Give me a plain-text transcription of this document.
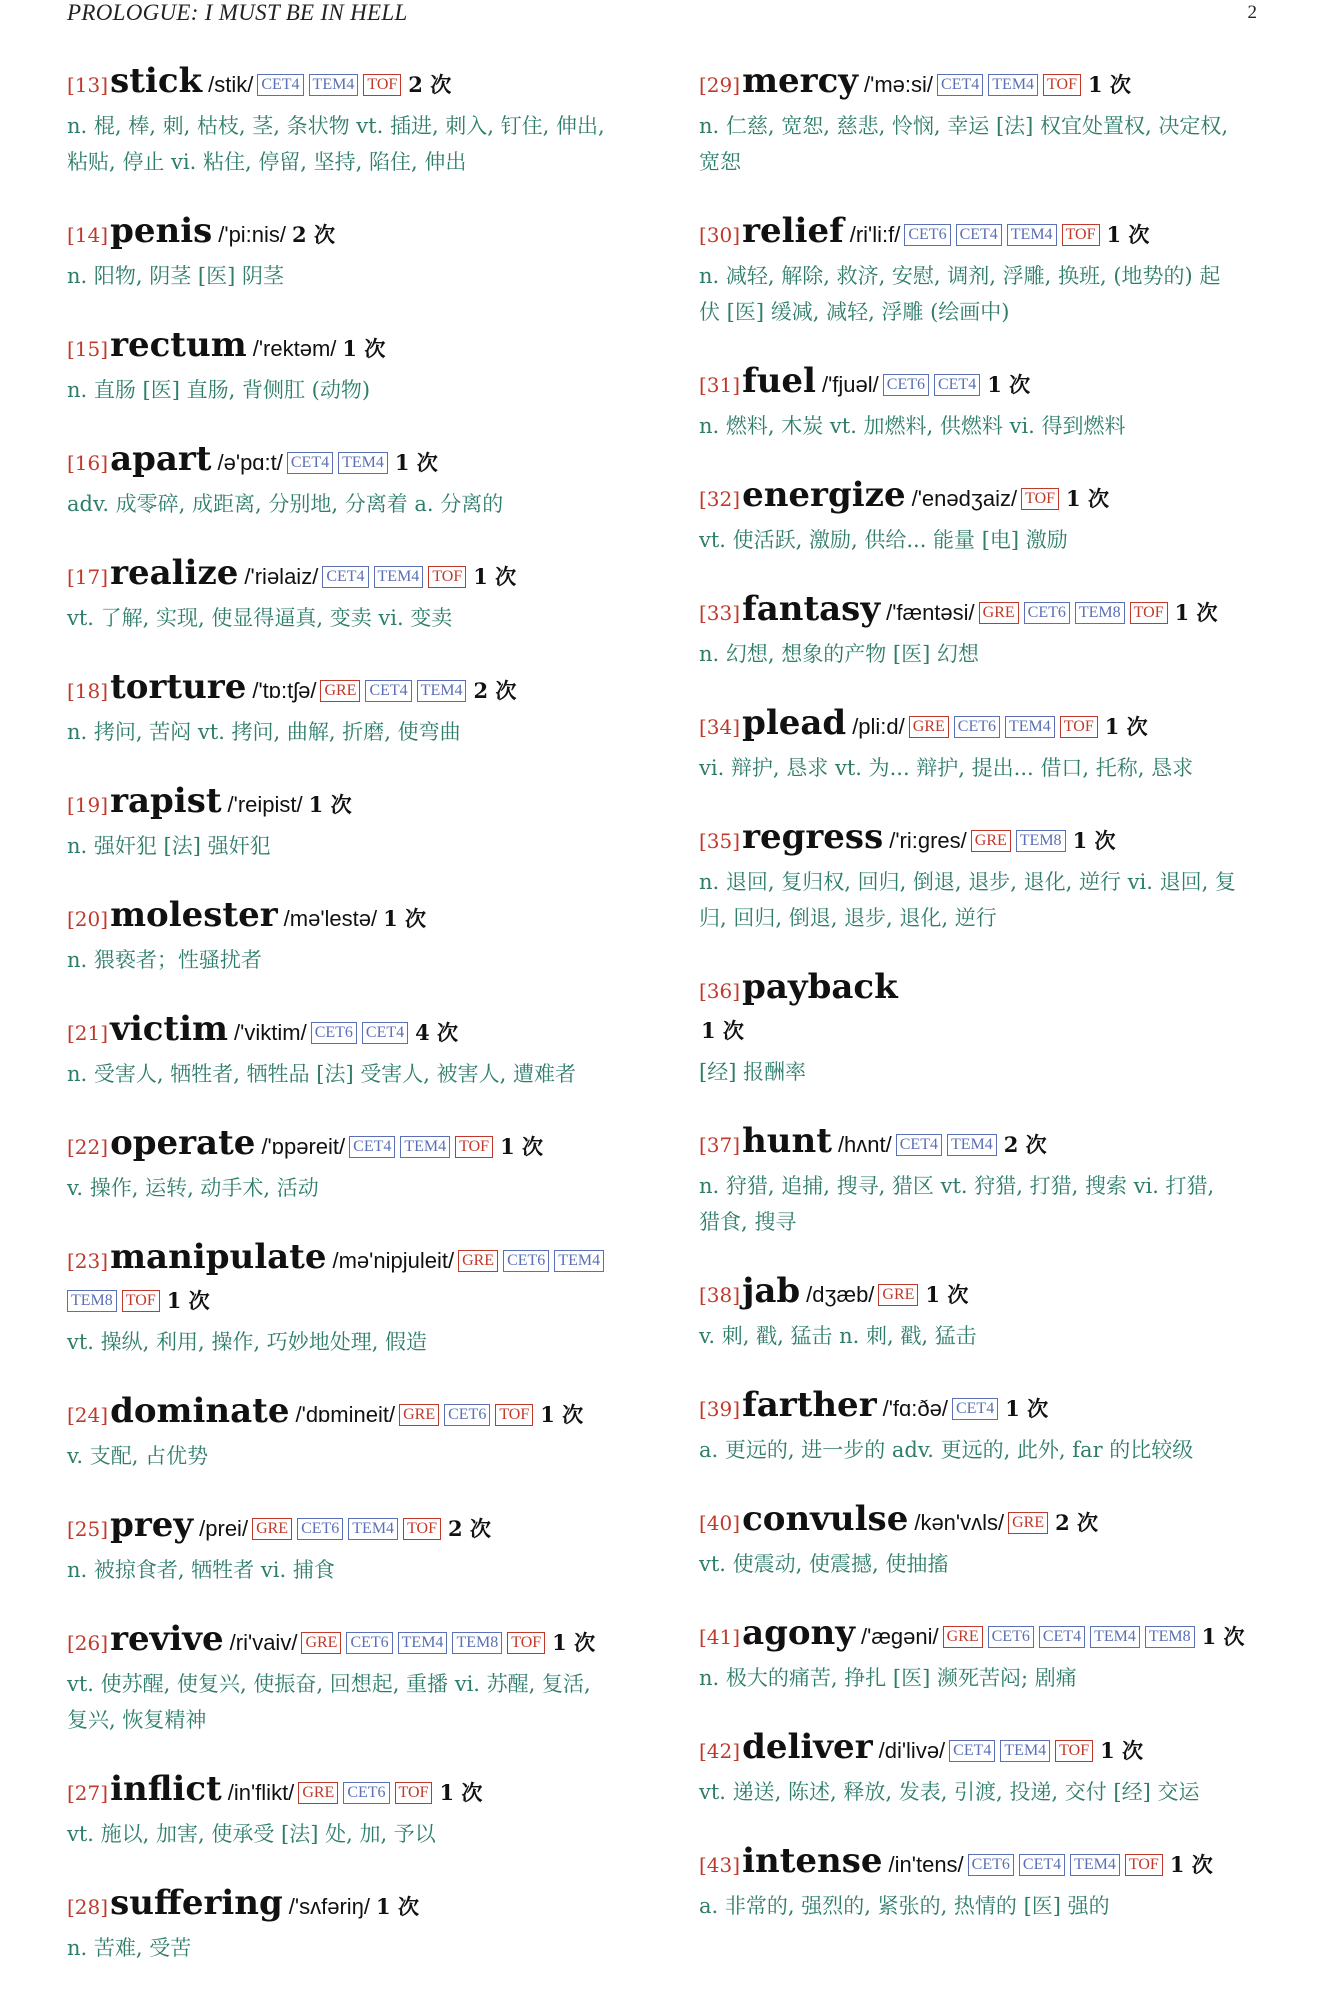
PROLOGUE: I MUST BE IN HELL	2
[13]stick /stik/ CET4 TEM4 TOF 2 次
n. 棍, 棒, 刺, 枯枝, 茎, 条状物 vt. 插进, 刺入, 钉住, 伸出,
粘贴, 停止 vi. 粘住, 停留, 坚持, 陷住, 伸出
[14]penis /'pi:nis/ 2 次
n. 阳物, 阴茎 [医] 阴茎
[15]rectum /'rektəm/ 1 次
n. 直肠 [医] 直肠, 背侧肛 (动物)
[16]apart /ə'pɑ:t/ CET4 TEM4 1 次
adv. 成零碎, 成距离, 分别地, 分离着 a. 分离的
[17]realize /'riəlaiz/ CET4 TEM4 TOF 1 次
vt. 了解, 实现, 使显得逼真, 变卖 vi. 变卖
[18]torture /'tɒ:tʃə/ GRE CET4 TEM4 2 次
n. 拷问, 苦闷 vt. 拷问, 曲解, 折磨, 使弯曲
[19]rapist /'reipist/ 1 次
n. 强奸犯 [法] 强奸犯
[20]molester /mə'lestə/ 1 次
n. 猥亵者；性骚扰者
[21]victim /'viktim/ CET6 CET4 4 次
n. 受害人, 牺牲者, 牺牲品 [法] 受害人, 被害人, 遭难者
[22]operate /'ɒpəreit/ CET4 TEM4 TOF 1 次
v. 操作, 运转, 动手术, 活动
[23]manipulate /mə'nipjuleit/ GRE CET6 TEM4
TEM8 TOF 1 次
vt. 操纵, 利用, 操作, 巧妙地处理, 假造
[24]dominate /'dɒmineit/ GRE CET6 TOF 1 次
v. 支配, 占优势
[25]prey /prei/ GRE CET6 TEM4 TOF 2 次
n. 被掠食者, 牺牲者 vi. 捕食
[26]revive /ri'vaiv/ GRE CET6 TEM4 TEM8 TOF 1 次
vt. 使苏醒, 使复兴, 使振奋, 回想起, 重播 vi. 苏醒, 复活,
复兴, 恢复精神
[27]inflict /in'flikt/ GRE CET6 TOF 1 次
vt. 施以, 加害, 使承受 [法] 处, 加, 予以
[28]suffering /'sʌfəriŋ/ 1 次
n. 苦难, 受苦
[29]mercy /'mə:si/ CET4 TEM4 TOF 1 次
n. 仁慈, 宽恕, 慈悲, 怜悯, 幸运 [法] 权宜处置权, 决定权,
宽恕
[30]relief /ri'li:f/ CET6 CET4 TEM4 TOF 1 次
n. 减轻, 解除, 救济, 安慰, 调剂, 浮雕, 换班, (地势的) 起
伏 [医] 缓减, 减轻, 浮雕 (绘画中)
[31]fuel /'fjuəl/ CET6 CET4 1 次
n. 燃料, 木炭 vt. 加燃料, 供燃料 vi. 得到燃料
[32]energize /'enədʒaiz/ TOF 1 次
vt. 使活跃, 激励, 供给... 能量 [电] 激励
[33]fantasy /'fæntəsi/ GRE CET6 TEM8 TOF 1 次
n. 幻想, 想象的产物 [医] 幻想
[34]plead /pli:d/ GRE CET6 TEM4 TOF 1 次
vi. 辩护, 恳求 vt. 为... 辩护, 提出... 借口, 托称, 恳求
[35]regress /'ri:gres/ GRE TEM8 1 次
n. 退回, 复归权, 回归, 倒退, 退步, 退化, 逆行 vi. 退回, 复
归, 回归, 倒退, 退步, 退化, 逆行
[36]payback
1 次
[经] 报酬率
[37]hunt /hʌnt/ CET4 TEM4 2 次
n. 狩猎, 追捕, 搜寻, 猎区 vt. 狩猎, 打猎, 搜索 vi. 打猎,
猎食, 搜寻
[38]jab /dʒæb/ GRE 1 次
v. 刺, 戳, 猛击 n. 刺, 戳, 猛击
[39]farther /'fɑ:ðə/ CET4 1 次
a. 更远的, 进一步的 adv. 更远的, 此外, far 的比较级
[40]convulse /kən'vʌls/ GRE 2 次
vt. 使震动, 使震撼, 使抽搐
[41]agony /'ægəni/ GRE CET6 CET4 TEM4 TEM8 1 次
n. 极大的痛苦, 挣扎 [医] 濒死苦闷; 剧痛
[42]deliver /di'livə/ CET4 TEM4 TOF 1 次
vt. 递送, 陈述, 释放, 发表, 引渡, 投递, 交付 [经] 交运
[43]intense /in'tens/ CET6 CET4 TEM4 TOF 1 次
a. 非常的, 强烈的, 紧张的, 热情的 [医] 强的
